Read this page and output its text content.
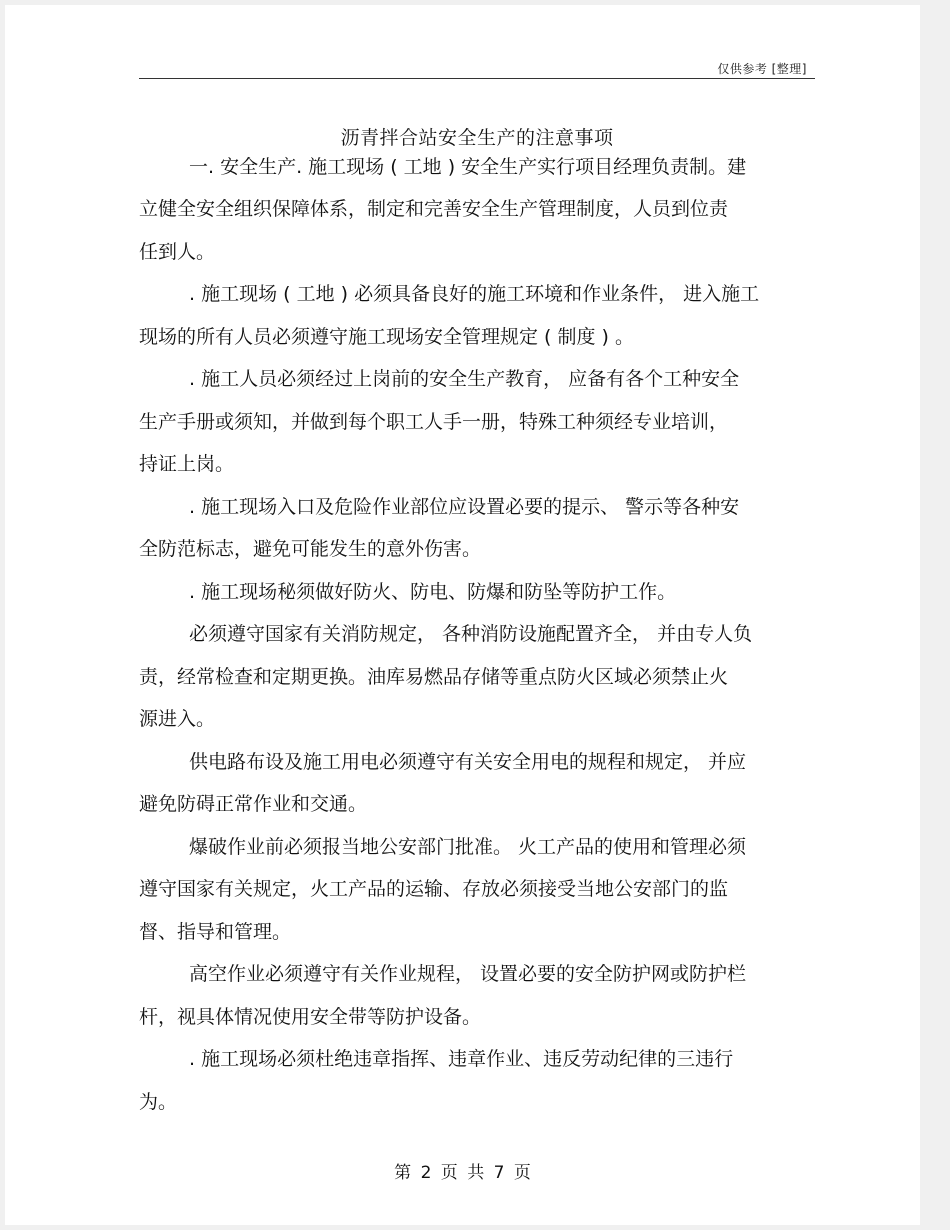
仅供参考 [整理]
沥青拌合站安全生产的注意事项
一. 安全生产. 施工现场 ( 工地 ) 安全生产实行项目经理负责制。建
立健全安全组织保障体系，制定和完善安全生产管理制度，人员到位责
任到人。
. 施工现场 ( 工地 ) 必须具备良好的施工环境和作业条件， 进入施工
现场的所有人员必须遵守施工现场安全管理规定 ( 制度 ) 。
. 施工人员必须经过上岗前的安全生产教育， 应备有各个工种安全
生产手册或须知，并做到每个职工人手一册，特殊工种须经专业培训，
持证上岗。
. 施工现场入口及危险作业部位应设置必要的提示、 警示等各种安
全防范标志，避免可能发生的意外伤害。
. 施工现场秘须做好防火、防电、防爆和防坠等防护工作。
必须遵守国家有关消防规定， 各种消防设施配置齐全， 并由专人负
责，经常检查和定期更换。油库易燃品存储等重点防火区域必须禁止火
源进入。
供电路布设及施工用电必须遵守有关安全用电的规程和规定， 并应
避免防碍正常作业和交通。
爆破作业前必须报当地公安部门批准。 火工产品的使用和管理必须
遵守国家有关规定，火工产品的运输、存放必须接受当地公安部门的监
督、指导和管理。
高空作业必须遵守有关作业规程， 设置必要的安全防护网或防护栏
杆，视具体情况使用安全带等防护设备。
. 施工现场必须杜绝违章指挥、违章作业、违反劳动纪律的三违行
为。
第 2 页 共 7 页
